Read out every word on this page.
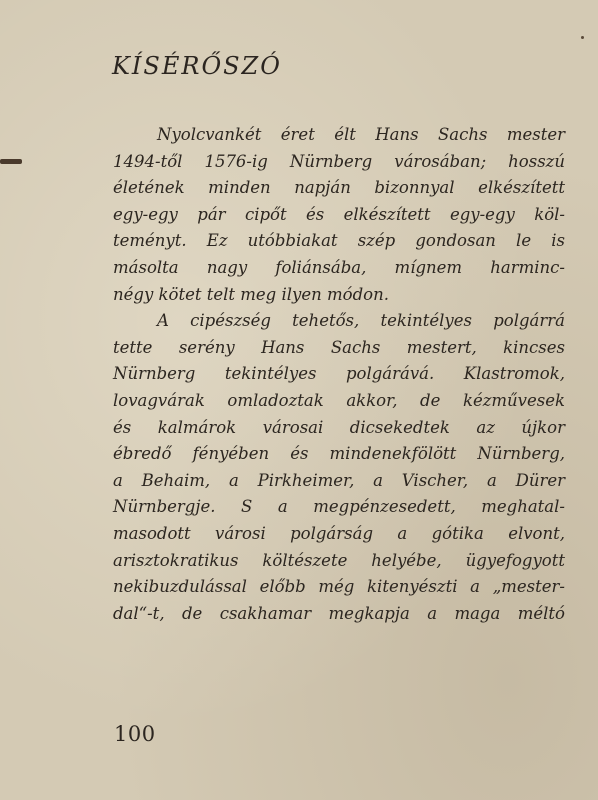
KÍSÉRŐSZÓ
Nyolcvankét éret élt Hans Sachs mester
1494-től 1576-ig Nürnberg városában; hosszú
életének minden napján bizonnyal elkészített
egy-egy pár cipőt és elkészített egy-egy köl-
teményt. Ez utóbbiakat szép gondosan le is
másolta nagy foliánsába, mígnem harminc-
négy kötet telt meg ilyen módon.
A cipészség tehetős, tekintélyes polgárrá
tette serény Hans Sachs mestert, kincses
Nürnberg tekintélyes polgárává. Klastromok,
lovagvárak omladoztak akkor, de kézművesek
és kalmárok városai dicsekedtek az újkor
ébredő fényében és mindenekfölött Nürnberg,
a Behaim, a Pirkheimer, a Vischer, a Dürer
Nürnbergje. S a megpénzesedett, meghatal-
masodott városi polgárság a gótika elvont,
arisztokratikus költészete helyébe, ügyefogyott
nekibuzdulással előbb még kitenyészti a „mester-
dal“-t, de csakhamar megkapja a maga méltó
100
